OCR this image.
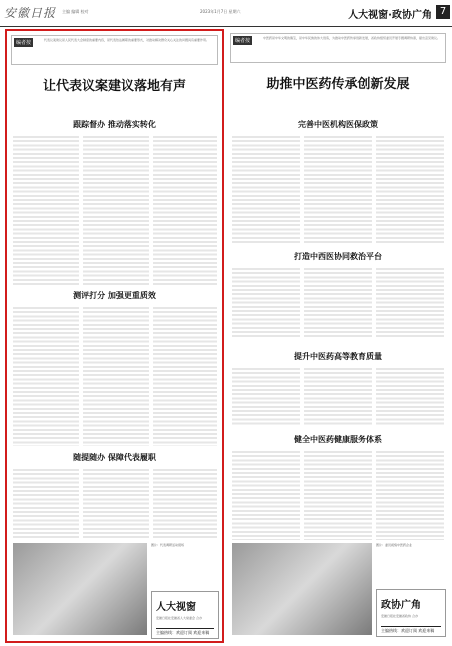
安徽日报 主编 编辑 校对	2023年1月7日 星期六	人大视窗·政协广角 7
编者按	代表议案建议是人民代表大会制度的重要内容，是代表依法履职的重要形式，对推动解决群众关心关注的问题具有重要作用。
让代表议案建议落地有声
跟踪督办 推动落实转化
测评打分 加强更重质效
随提随办 保障代表履职
图片：代表调研活动现场
人大视窗
安徽日报社安徽省人大常委会 合办
主编热线：欢迎订阅 欢迎来稿
编者按	中医药是中华文明的瑰宝，是中华民族的伟大创造，为推动中医药传承创新发展，省政协组织委员开展专题调研协商，提出意见建议。
助推中医药传承创新发展
完善中医机构医保政策
打造中西医协同救治平台
提升中医药高等教育质量
健全中医药健康服务体系
图片：委员视察中医药企业
政协广角
安徽日报社安徽省政协 合办
主编热线：欢迎订阅 欢迎来稿
